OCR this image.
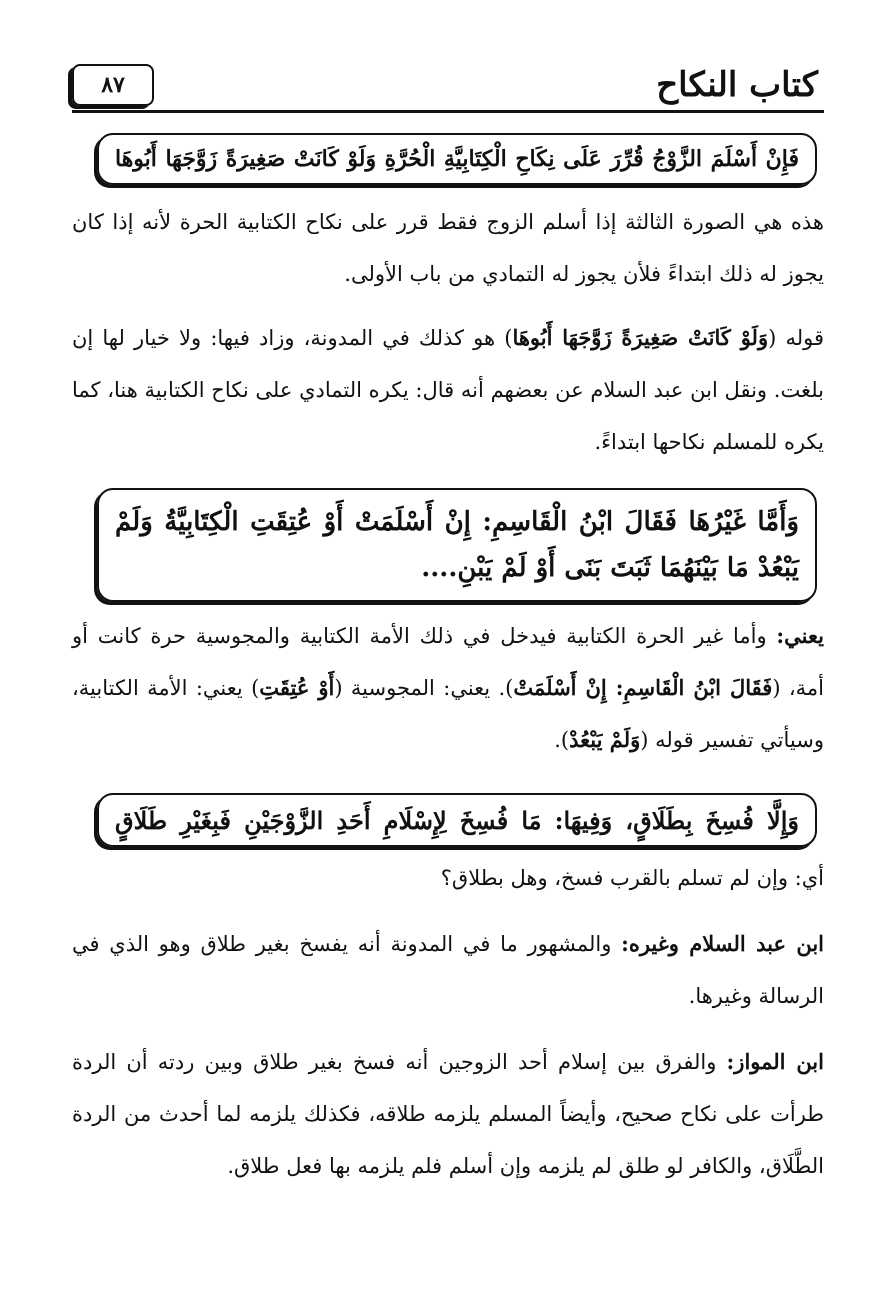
كتاب النكاح
٨٧
فَإِنْ أَسْلَمَ الزَّوْجُ قُرِّرَ عَلَى نِكَاحِ الْكِتَابِيَّةِ الْحُرَّةِ وَلَوْ كَانَتْ صَغِيرَةً زَوَّجَهَا أَبُوهَا

هذه هي الصورة الثالثة إذا أسلم الزوج فقط قرر على نكاح الكتابية الحرة لأنه إذا كان يجوز له ذلك ابتداءً فلأن يجوز له التمادي من باب الأولى.

قوله (وَلَوْ كَانَتْ صَغِيرَةً زَوَّجَهَا أَبُوهَا) هو كذلك في المدونة، وزاد فيها: ولا خيار لها إن بلغت. ونقل ابن عبد السلام عن بعضهم أنه قال: يكره التمادي على نكاح الكتابية هنا، كما يكره للمسلم نكاحها ابتداءً.

وَأَمَّا غَيْرُهَا فَقَالَ ابْنُ الْقَاسِمِ: إِنْ أَسْلَمَتْ أَوْ عُتِقَتِ الْكِتَابِيَّةُ وَلَمْ يَبْعُدْ مَا بَيْنَهُمَا ثَبَتَ بَنَى أَوْ لَمْ يَبْنِ....

يعني: وأما غير الحرة الكتابية فيدخل في ذلك الأمة الكتابية والمجوسية حرة كانت أو أمة، (فَقَالَ ابْنُ الْقَاسِمِ: إِنْ أَسْلَمَتْ). يعني: المجوسية (أَوْ عُتِقَتِ) يعني: الأمة الكتابية، وسيأتي تفسير قوله (وَلَمْ يَبْعُدْ).

وَإِلَّا فُسِخَ بِطَلَاقٍ، وَفِيهَا: مَا فُسِخَ لِإِسْلَامِ أَحَدِ الزَّوْجَيْنِ فَبِغَيْرِ طَلَاقٍ

أي: وإن لم تسلم بالقرب فسخ، وهل بطلاق؟

ابن عبد السلام وغيره: والمشهور ما في المدونة أنه يفسخ بغير طلاق وهو الذي في الرسالة وغيرها.

ابن المواز: والفرق بين إسلام أحد الزوجين أنه فسخ بغير طلاق وبين ردته أن الردة طرأت على نكاح صحيح، وأيضاً المسلم يلزمه طلاقه، فكذلك يلزمه لما أحدث من الردة الطَّلَاق، والكافر لو طلق لم يلزمه وإن أسلم فلم يلزمه بها فعل طلاق.
